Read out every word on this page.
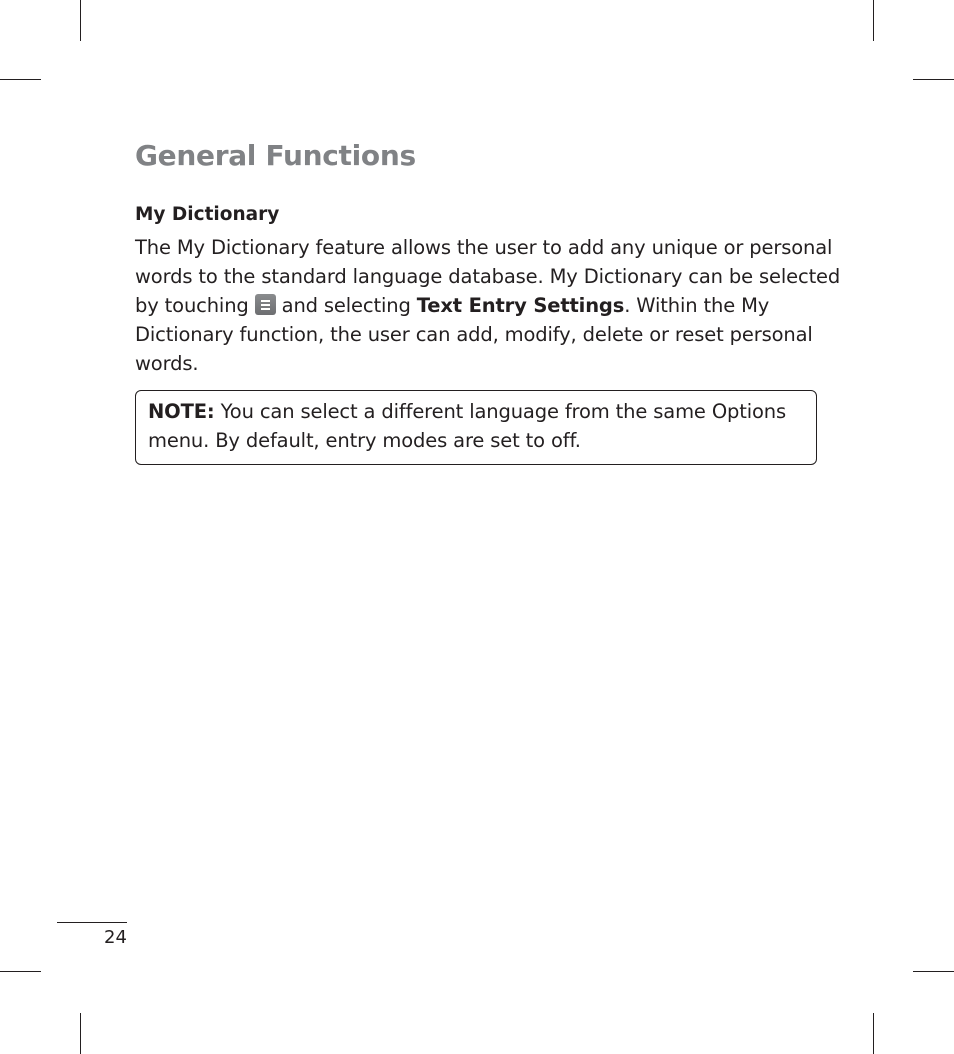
General Functions
My Dictionary
The My Dictionary feature allows the user to add any unique or personal
words to the standard language database. My Dictionary can be selected
by touching and selecting Text Entry Settings. Within the My
Dictionary function, the user can add, modify, delete or reset personal
words.
NOTE: You can select a different language from the same Options
menu. By default, entry modes are set to off.
24
